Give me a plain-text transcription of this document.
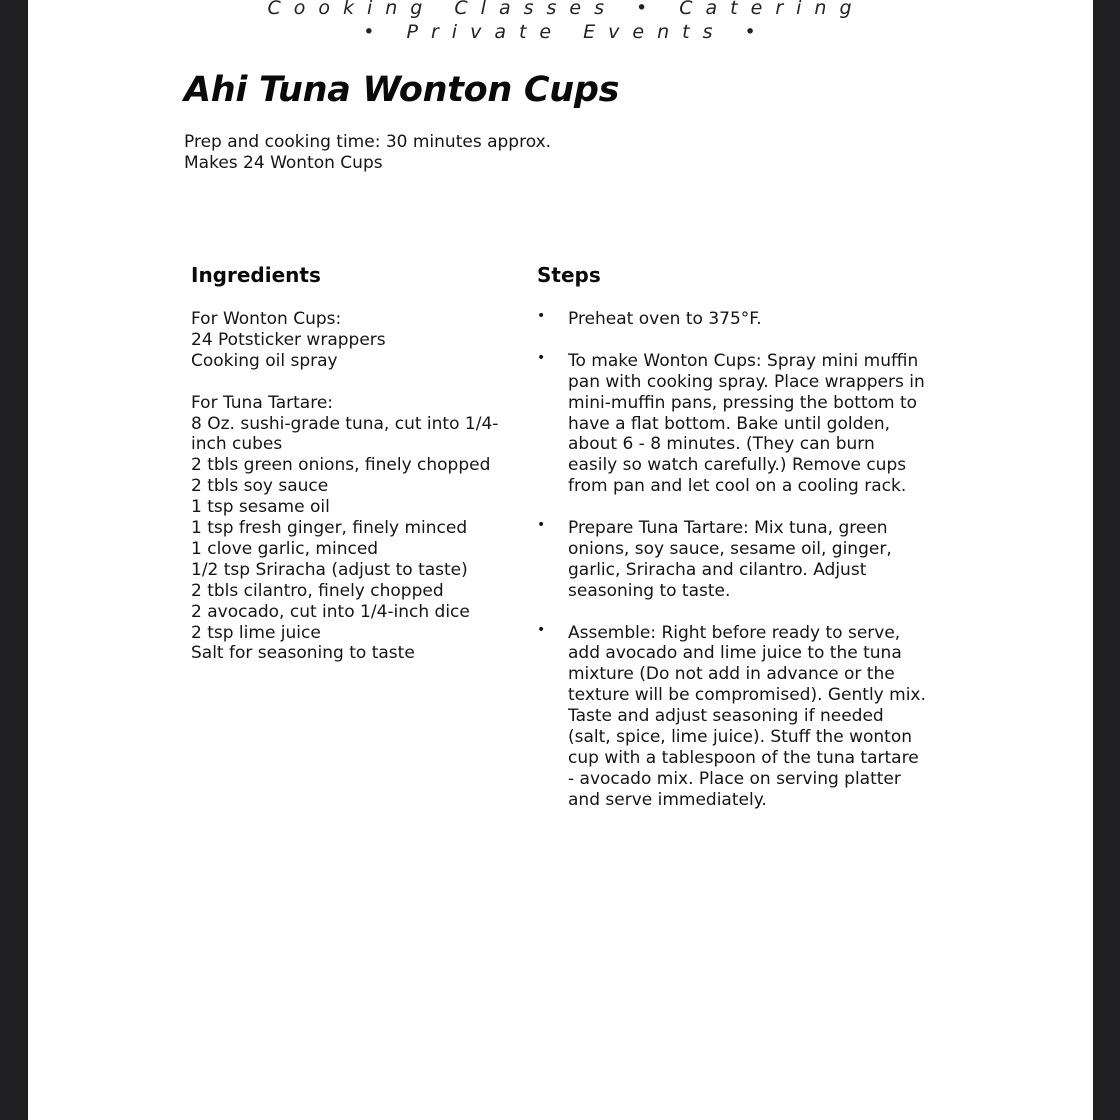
Cooking Classes • Catering
• Private Events •
Ahi Tuna Wonton Cups
Prep and cooking time: 30 minutes approx.
Makes 24 Wonton Cups
Ingredients
For Wonton Cups:
24 Potsticker wrappers
Cooking oil spray
For Tuna Tartare:
8 Oz. sushi-grade tuna, cut into 1/4-inch cubes
2 tbls green onions, finely chopped
2 tbls soy sauce
1 tsp sesame oil
1 tsp fresh ginger, finely minced
1 clove garlic, minced
1/2 tsp Sriracha (adjust to taste)
2 tbls cilantro, finely chopped
2 avocado, cut into 1/4-inch dice
2 tsp lime juice
Salt for seasoning to taste
Steps
• Preheat oven to 375°F.
• To make Wonton Cups: Spray mini muffin pan with cooking spray. Place wrappers in mini-muffin pans, pressing the bottom to have a flat bottom. Bake until golden, about 6 - 8 minutes. (They can burn easily so watch carefully.) Remove cups from pan and let cool on a cooling rack.
• Prepare Tuna Tartare: Mix tuna, green onions, soy sauce, sesame oil, ginger, garlic, Sriracha and cilantro. Adjust seasoning to taste.
• Assemble: Right before ready to serve, add avocado and lime juice to the tuna mixture (Do not add in advance or the texture will be compromised). Gently mix. Taste and adjust seasoning if needed (salt, spice, lime juice). Stuff the wonton cup with a tablespoon of the tuna tartare - avocado mix. Place on serving platter and serve immediately.
